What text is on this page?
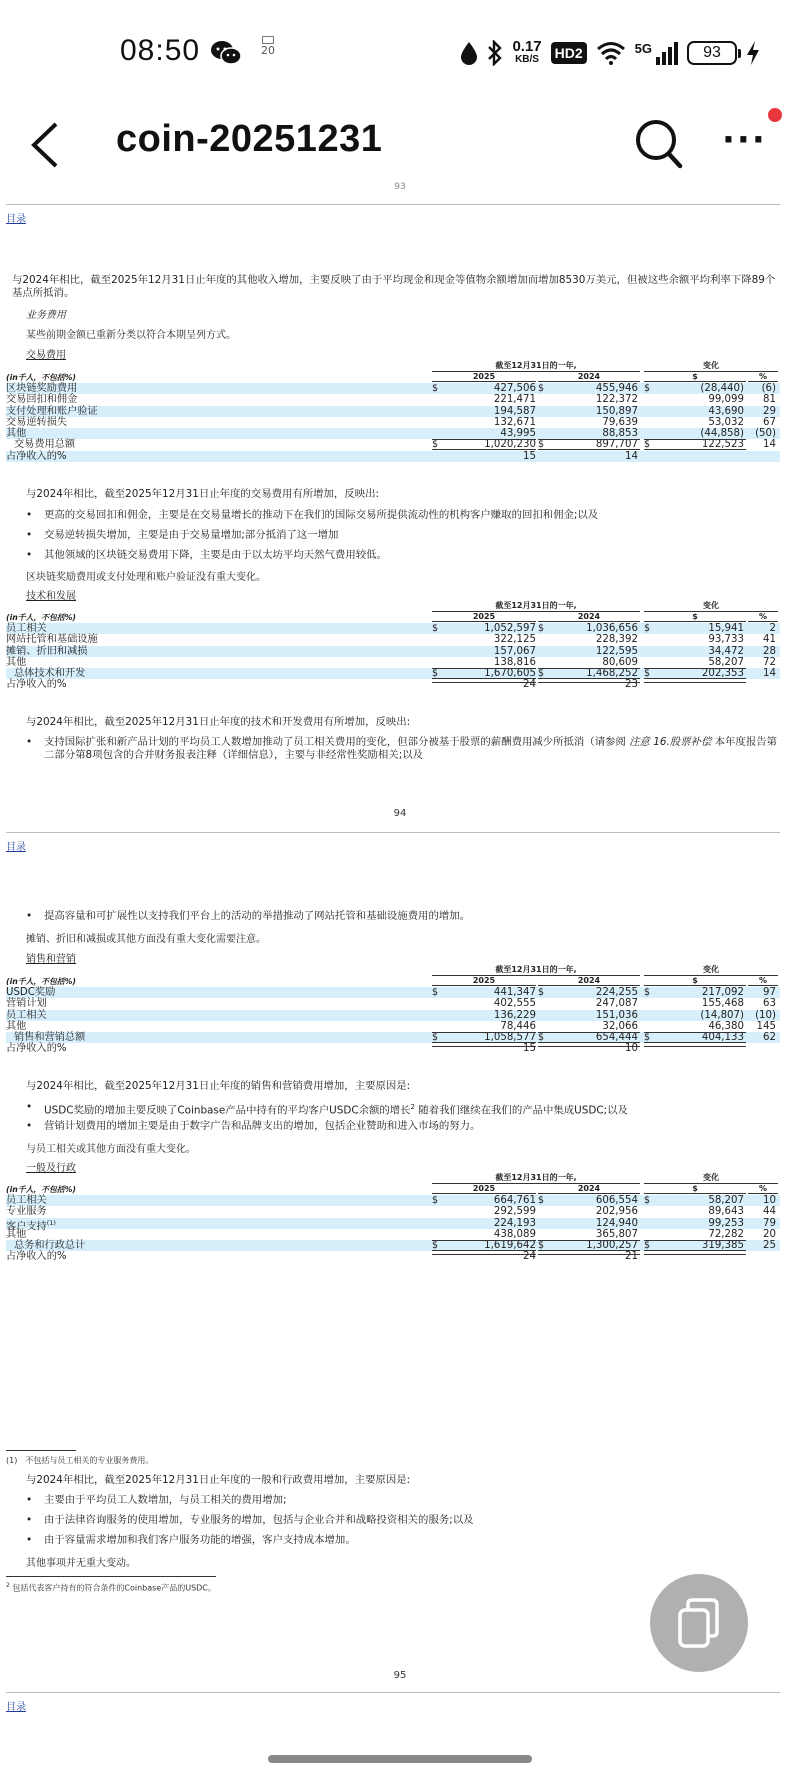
08:50	20	0.17
KB/S HD2	5G	93
coin-20251231	···
93
目录
与2024年相比，截至2025年12月31日止年度的其他收入增加，主要反映了由于平均现金和现金等值物余额增加而增加8530万美元，但被这些余额平均利率下降89个基点所抵消。
业务费用
某些前期金额已重新分类以符合本期呈列方式。
交易费用
截至12月31日的一年,	变化
(in千人，不包括%)	2025	2024	$	%
区块链奖励费用	$	427,506 $	455,946 $	(28,440)	(6)
交易回扣和佣金	221,471	122,372	99,099	81
支付处理和账户验证	194,587	150,897	43,690	29
交易逆转损失	132,671	79,639	53,032	67
其他	43,995	88,853	(44,858)	(50)
交易费用总额	$	1,020,230 $	897,707 $	122,523	14
占净收入的%	15	14
与2024年相比，截至2025年12月31日止年度的交易费用有所增加，反映出:
• 更高的交易回扣和佣金，主要是在交易量增长的推动下在我们的国际交易所提供流动性的机构客户赚取的回扣和佣金;以及
• 交易逆转损失增加，主要是由于交易量增加;部分抵消了这一增加
• 其他领域的区块链交易费用下降，主要是由于以太坊平均天然气费用较低。
区块链奖励费用或支付处理和账户验证没有重大变化。
技术和发展
截至12月31日的一年,	变化
(in千人，不包括%)	2025	2024	$	%
员工相关	$	1,052,597 $	1,036,656 $	15,941	2
网站托管和基础设施	322,125	228,392	93,733	41
摊销、折旧和减损	157,067	122,595	34,472	28
其他	138,816	80,609	58,207	72
总体技术和开发	$	1,670,605 $	1,468,252 $	202,353	14
占净收入的%	24	23
与2024年相比，截至2025年12月31日止年度的技术和开发费用有所增加，反映出:
• 支持国际扩张和新产品计划的平均员工人数增加推动了员工相关费用的变化，但部分被基于股票的薪酬费用减少所抵消（请参阅 注意 16.股票补偿 本年度报告第二部分第8项包含的合并财务报表注释（详细信息），主要与非经常性奖励相关;以及
94
目录
• 提高容量和可扩展性以支持我们平台上的活动的举措推动了网站托管和基础设施费用的增加。
摊销、折旧和减损或其他方面没有重大变化需要注意。
销售和营销
截至12月31日的一年,	变化
(in千人，不包括%)	2025	2024	$	%
USDC奖励	$	441,347 $	224,255 $	217,092	97
营销计划	402,555	247,087	155,468	63
员工相关	136,229	151,036	(14,807)	(10)
其他	78,446	32,066	46,380	145
销售和营销总额	$	1,058,577 $	654,444 $	404,133	62
占净收入的%	15	10
与2024年相比，截至2025年12月31日止年度的销售和营销费用增加，主要原因是:
• USDC奖励的增加主要反映了Coinbase产品中持有的平均客户USDC余额的增长$^2$ 随着我们继续在我们的产品中集成USDC;以及
• 营销计划费用的增加主要是由于数字广告和品牌支出的增加，包括企业赞助和进入市场的努力。
与员工相关或其他方面没有重大变化。
一般及行政
截至12月31日的一年,	变化
(in千人，不包括%)	2025	2024	$	%
员工相关	$	664,761 $	606,554 $	58,207	10
专业服务	292,599	202,956	89,643	44
客户支持$^{(1)}$	224,193	124,940	99,253	79
其他	438,089	365,807	72,282	20
总务和行政总计	$	1,619,642 $	1,300,257 $	319,385	25
占净收入的%	24	21
(1)　不包括与员工相关的专业服务费用。
与2024年相比，截至2025年12月31日止年度的一般和行政费用增加，主要原因是:
• 主要由于平均员工人数增加，与员工相关的费用增加;
• 由于法律咨询服务的使用增加，专业服务的增加，包括与企业合并和战略投资相关的服务;以及
• 由于容量需求增加和我们客户服务功能的增强，客户支持成本增加。
其他事项并无重大变动。
$^2$ 包括代表客户持有的符合条件的Coinbase产品的USDC。
95
目录
